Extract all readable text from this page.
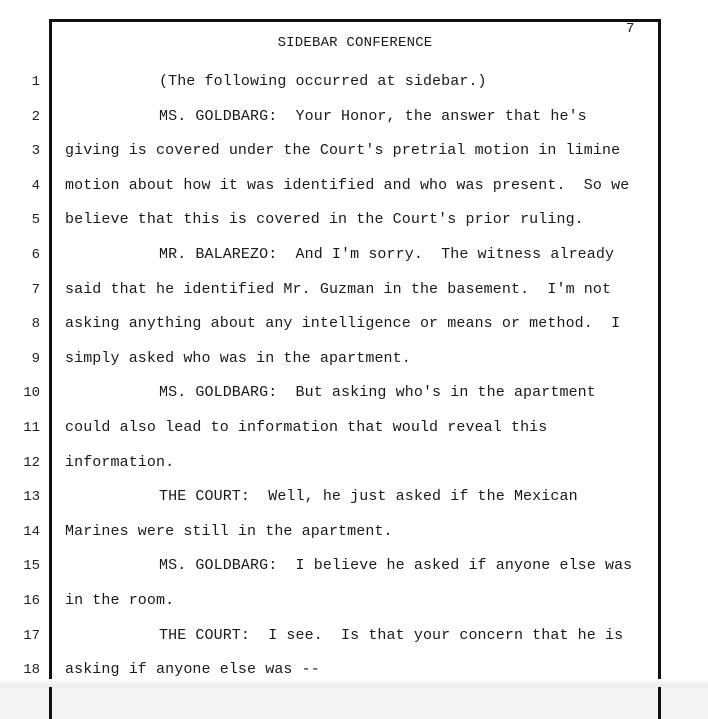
7
SIDEBAR CONFERENCE
1	(The following occurred at sidebar.)
2	MS. GOLDBARG:  Your Honor, the answer that he's
3 giving is covered under the Court's pretrial motion in limine
4 motion about how it was identified and who was present.  So we
5 believe that this is covered in the Court's prior ruling.
6	MR. BALAREZO:  And I'm sorry.  The witness already
7 said that he identified Mr. Guzman in the basement.  I'm not
8 asking anything about any intelligence or means or method.  I
9 simply asked who was in the apartment.
10	MS. GOLDBARG:  But asking who's in the apartment
11 could also lead to information that would reveal this
12 information.
13	THE COURT:  Well, he just asked if the Mexican
14 Marines were still in the apartment.
15	MS. GOLDBARG:  I believe he asked if anyone else was
16 in the room.
17	THE COURT:  I see.  Is that your concern that he is
18 asking if anyone else was --
